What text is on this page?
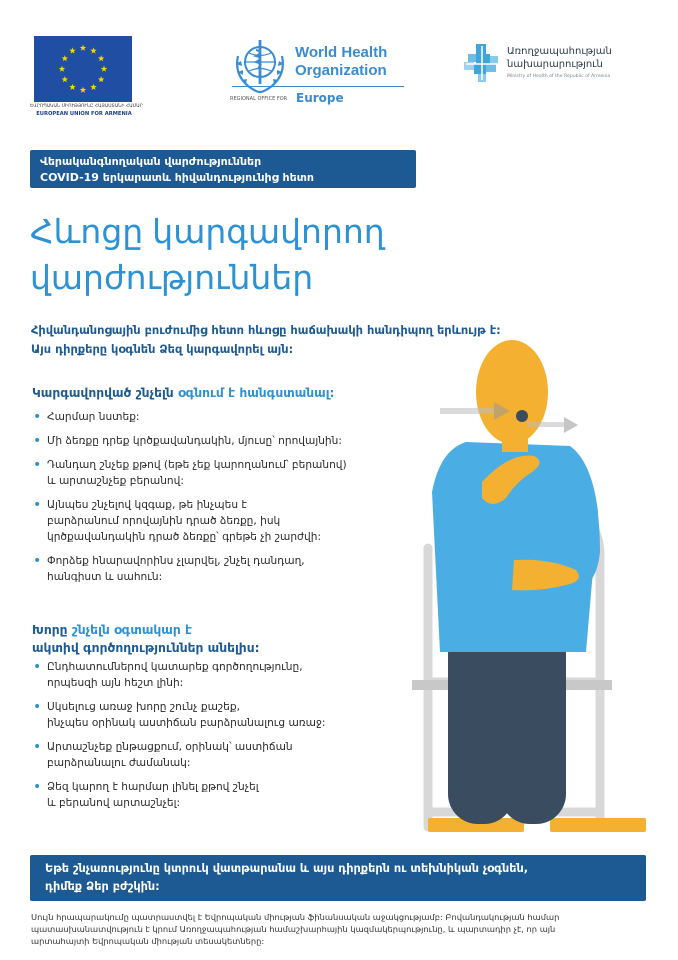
ԵՎՐՈՊԱԿԱՆ ՄԻՈՒԹՅՈՒՆԸ ՀԱՅԱՍՏԱՆԻ ՀԱՄԱՐ
EUROPEAN UNION FOR ARMENIA
World Health
Organization
REGIONAL OFFICE FOR Europe
Առողջապահության
նախարարություն
Ministry of Health of the Republic of Armenia
Վերականգնողական վարժություններ
COVID-19 երկարատև հիվանդությունից հետո
Հևոցը կարգավորող
վարժություններ
Հիվանդանոցային բուժումից հետո հևոցը հաճախակի հանդիպող երևույթ է:
Այս դիրքերը կօգնեն Ձեզ կարգավորել այն:
Կարգավորված շնչելն օգնում է հանգստանալ:
• Հարմար նստեք:
• Մի ձեռքը դրեք կրծքավանդակին, մյուսը՝ որովայնին:
• Դանդաղ շնչեք քթով (եթե չեք կարողանում՝ բերանով)
և արտաշնչեք բերանով:
• Այնպես շնչելով կզգաք, թե ինչպես է
բարձրանում որովայնին դրած ձեռքը, իսկ
կրծքավանդակին դրած ձեռքը՝ գրեթե չի շարժվի:
• Փորձեք հնարավորինս չլարվել, շնչել դանդաղ,
հանգիստ և սահուն:
Խորը շնչելն օգտակար է
ակտիվ գործողություններ անելիս:
• Ընդհատումներով կատարեք գործողությունը,
որպեսզի այն հեշտ լինի:
• Սկսելուց առաջ խորը շունչ քաշեք,
ինչպես օրինակ աստիճան բարձրանալուց առաջ:
• Արտաշնչեք ընթացքում, օրինակ՝ աստիճան
բարձրանալու ժամանակ:
• Ձեզ կարող է հարմար լինել քթով շնչել
և բերանով արտաշնչել:
Եթե շնչառությունը կտրուկ վատթարանա և այս դիրքերն ու տեխնիկան չօգնեն,
դիմեք Ձեր բժշկին:
Սույն հրապարակումը պատրաստվել է Եվրոպական միության ֆինանսական աջակցությամբ: Բովանդակության համար
պատասխանատվություն է կրում Առողջապահության համաշխարհային կազմակերպությունը, և պարտադիր չէ, որ այն
արտահայտի Եվրոպական միության տեսակետները:
